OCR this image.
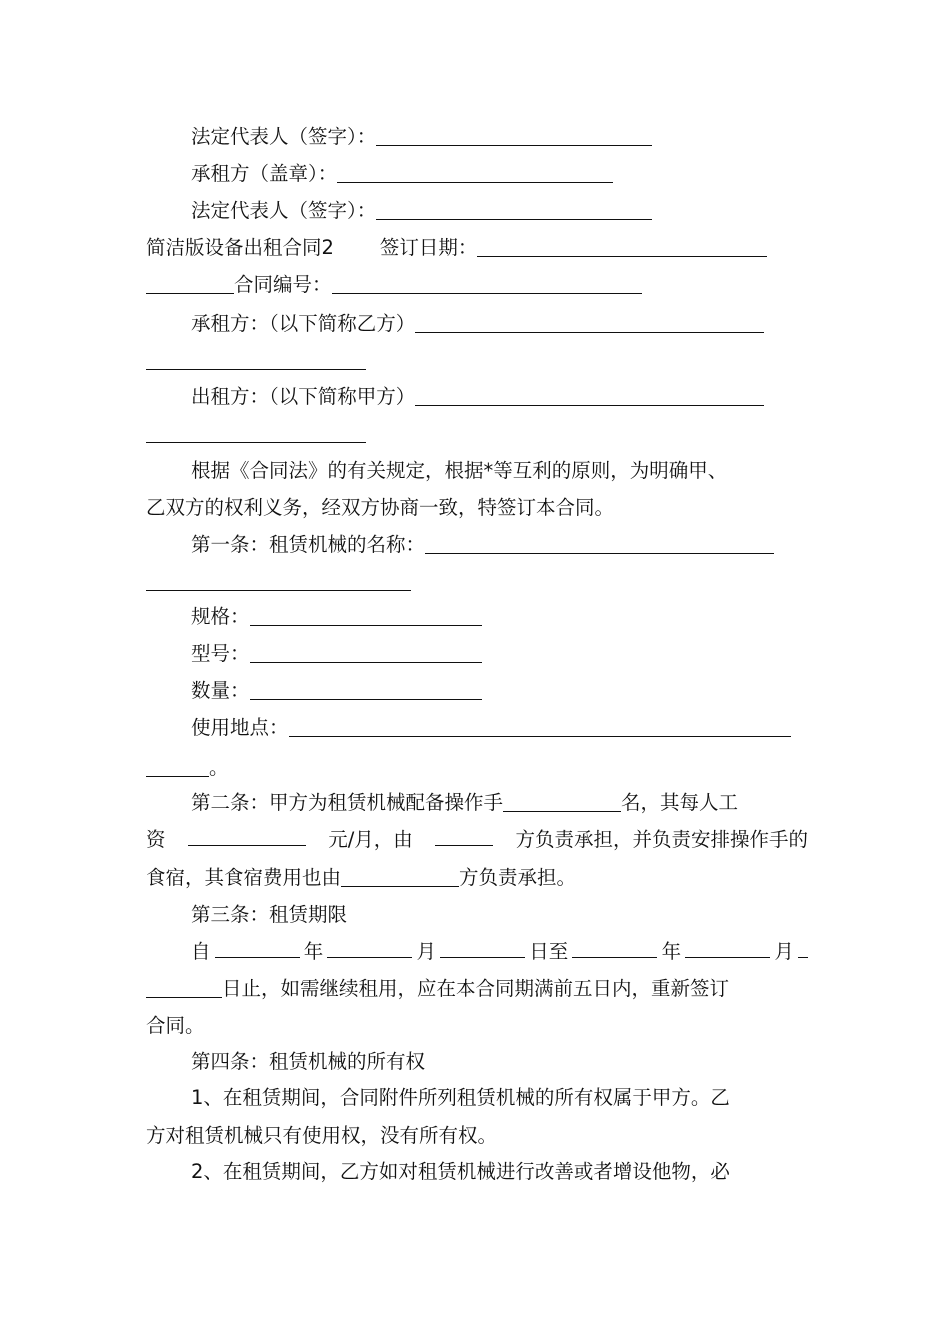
法定代表人（签字）：
承租方（盖章）：
法定代表人（签字）：
简洁版设备出租合同2 签订日期：
合同编号：
承租方：（以下简称乙方）
出租方：（以下简称甲方）
根据《合同法》的有关规定，根据*等互利的原则，为明确甲、
乙双方的权利义务，经双方协商一致，特签订本合同。
第一条：租赁机械的名称：
规格：
型号：
数量：
使用地点：
。
第二条：甲方为租赁机械配备操作手	名，其每人工
资	元/月，由	方负责承担，并负责安排操作手的
食宿，其食宿费用也由	方负责承担。
第三条：租赁期限
自	年	月	日至	年	月
日止，如需继续租用，应在本合同期满前五日内，重新签订
合同。
第四条：租赁机械的所有权
1、在租赁期间，合同附件所列租赁机械的所有权属于甲方。乙
方对租赁机械只有使用权，没有所有权。
2、在租赁期间，乙方如对租赁机械进行改善或者增设他物，必
